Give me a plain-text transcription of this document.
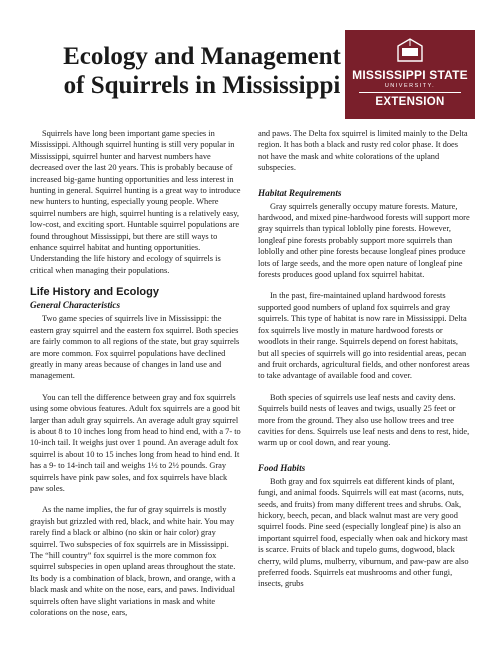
Ecology and Management
of Squirrels in Mississippi MISSISSIPPI STATE
UNIVERSITY.
EXTENSION

Squirrels have long been important game species in Mississippi. Although squirrel hunting is still very popular in Mississippi, squirrel hunter and harvest numbers have decreased over the last 20 years. This is probably because of increased big-game hunting opportunities and less interest in hunting in general. Squirrel hunting is a great way to introduce new hunters to hunting, especially young people. Where squirrel numbers are high, squirrel hunting is a relatively easy, low-cost, and exciting sport. Huntable squirrel populations are found throughout Mississippi, but there are still ways to enhance squirrel habitat and hunting opportunities. Understanding the life history and ecology of squirrels is critical when managing their populations.

Life History and Ecology
General Characteristics

Two game species of squirrels live in Mississippi: the eastern gray squirrel and the eastern fox squirrel. Both species are fairly common to all regions of the state, but gray squirrels are more common. Fox squirrel populations have declined greatly in many areas because of changes in land use and management.

You can tell the difference between gray and fox squirrels using some obvious features. Adult fox squirrels are a good bit larger than adult gray squirrels. An average adult gray squirrel is about 8 to 10 inches long from head to hind end, with a 7- to 10-inch tail. It weighs just over 1 pound. An average adult fox squirrel is about 10 to 15 inches long from head to hind end. It has a 9- to 14-inch tail and weighs 1½ to 2½ pounds. Gray squirrels have pink paw soles, and fox squirrels have black paw soles.

As the name implies, the fur of gray squirrels is mostly grayish but grizzled with red, black, and white hair. You may rarely find a black or albino (no skin or hair color) gray squirrel. Two subspecies of fox squirrels are in Mississippi. The “hill country” fox squirrel is the more common fox squirrel subspecies in open upland areas throughout the state. Its body is a combination of black, brown, and orange, with a black mask and white on the nose, ears, and paws. Individual squirrels often have slight variations in mask and white colorations on the nose, ears,

and paws. The Delta fox squirrel is limited mainly to the Delta region. It has both a black and rusty red color phase. It does not have the mask and white colorations of the upland subspecies.

Habitat Requirements

Gray squirrels generally occupy mature forests. Mature, hardwood, and mixed pine-hardwood forests will support more gray squirrels than typical loblolly pine forests. However, longleaf pine forests probably support more squirrels than loblolly and other pine forests because longleaf pines produce lots of large seeds, and the more open nature of longleaf pine forests produces good upland fox squirrel habitat.

In the past, fire-maintained upland hardwood forests supported good numbers of upland fox squirrels and gray squirrels. This type of habitat is now rare in Mississippi. Delta fox squirrels live mostly in mature hardwood forests or woodlots in their range. Squirrels depend on forest habitats, but all species of squirrels will go into residential areas, pecan and fruit orchards, agricultural fields, and other nonforest areas to take advantage of available food and cover.

Both species of squirrels use leaf nests and cavity dens. Squirrels build nests of leaves and twigs, usually 25 feet or more from the ground. They also use hollow trees and tree cavities for dens. Squirrels use leaf nests and dens to rest, hide, warm up or cool down, and rear young.

Food Habits

Both gray and fox squirrels eat different kinds of plant, fungi, and animal foods. Squirrels will eat mast (acorns, nuts, seeds, and fruits) from many different trees and shrubs. Oak, hickory, beech, pecan, and black walnut mast are very good squirrel foods. Pine seed (especially longleaf pine) is also an important squirrel food, especially when oak and hickory mast is scarce. Fruits of black and tupelo gums, dogwood, black cherry, wild plums, mulberry, viburnum, and paw-paw are also preferred foods. Squirrels eat mushrooms and other fungi, insects, grubs
